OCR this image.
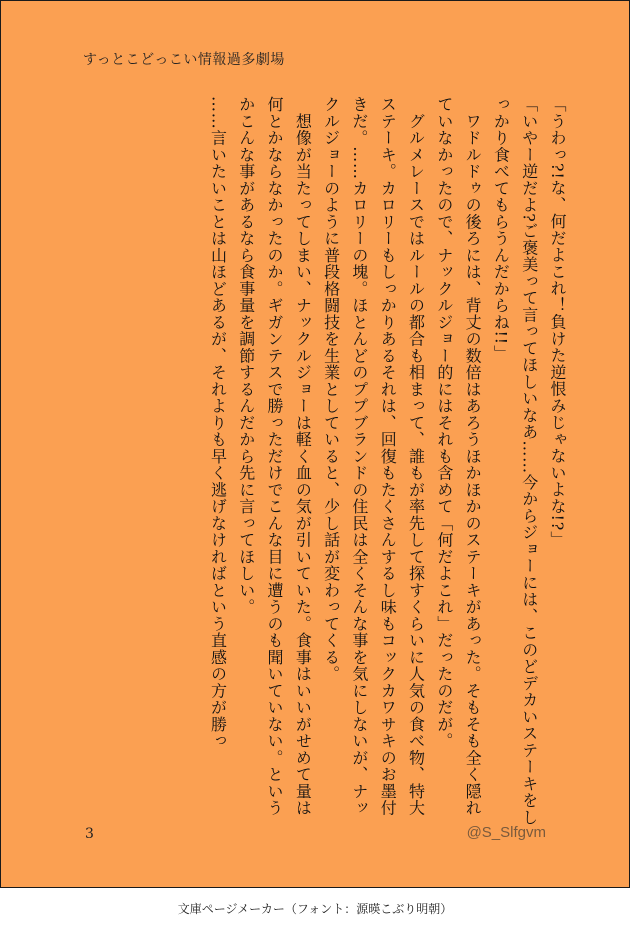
すっとこどっこい情報過多劇場
「うわっ?!な、何だよこれ！負けた逆恨みじゃないよな!?」
「いやー逆だよ?ご褒美って言ってほしいなあ……今からジョーには、このどデカいステーキをしっかり食べてもらうんだからね!!」
　ワドルドゥの後ろには、背丈の数倍はあろうほかほかのステーキがあった。そもそも全く隠れていなかったので、ナックルジョー的にはそれも含めて「何だよこれ」だったのだが。
　グルメレースではルールの都合も相まって、誰もが率先して探すくらいに人気の食べ物、特大ステーキ。カロリーもしっかりあるそれは、回復もたくさんするし味もコックカワサキのお墨付きだ。……カロリーの塊。ほとんどのププブランドの住民は全くそんな事を気にしないが、ナックルジョーのように普段格闘技を生業としていると、少し話が変わってくる。
　想像が当たってしまい、ナックルジョーは軽く血の気が引いていた。食事はいいがせめて量は何とかならなかったのか。ギガンテスで勝っただけでこんな目に遭うのも聞いていない。というかこんな事があるなら食事量を調節するんだから先に言ってほしい。
……言いたいことは山ほどあるが、それよりも早く逃げなければという直感の方が勝っ
3	@S_Slfgvm
文庫ページメーカー（フォント：源暎こぶり明朝）
